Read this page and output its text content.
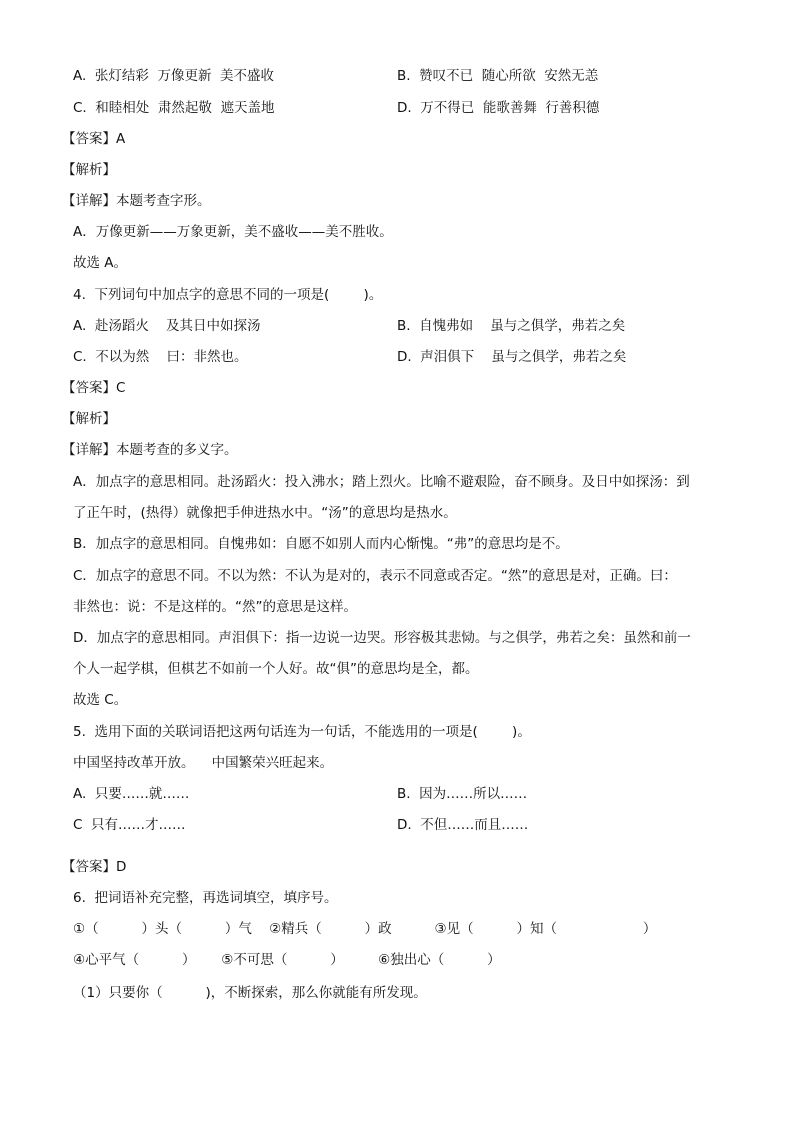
A.  张灯结彩  万像更新  美不盛收	B.  赞叹不已  随心所欲  安然无恙
C.  和睦相处  肃然起敬  遮天盖地	D.  万不得已  能歌善舞  行善积德
【答案】A
【解析】
【详解】本题考查字形。
A．万像更新——万象更新，美不盛收——美不胜收。
故选 A。
4.  下列词句中加点字的意思不同的一项是(        )。
A.  赴汤蹈火    及其日中如探汤	B.  自愧弗如    虽与之俱学，弗若之矣
C.  不以为然    曰：非然也。	D.  声泪俱下    虽与之俱学，弗若之矣
【答案】C
【解析】
【详解】本题考查的多义字。
A．加点字的意思相同。赴汤蹈火：投入沸水；踏上烈火。比喻不避艰险，奋不顾身。及日中如探汤：到
了正午时，(热得）就像把手伸进热水中。“汤”的意思均是热水。
B．加点字的意思相同。自愧弗如：自愿不如别人而内心惭愧。“弗”的意思均是不。
C．加点字的意思不同。不以为然：不认为是对的，表示不同意或否定。“然”的意思是对，正确。曰：
非然也：说：不是这样的。“然”的意思是这样。
D．加点字的意思相同。声泪俱下：指一边说一边哭。形容极其悲恸。与之俱学，弗若之矣：虽然和前一
个人一起学棋，但棋艺不如前一个人好。故“俱”的意思均是全，都。
故选 C。
5.  选用下面的关联词语把这两句话连为一句话，不能选用的一项是(        )。
中国坚持改革开放。    中国繁荣兴旺起来。
A.  只要……就……	B.  因为……所以……
C  只有……才……	D.  不但……而且……
【答案】D
6.  把词语补充完整，再选词填空，填序号。
①（          ）头（          ）气    ②精兵（          ）政          ③见（          ）知（                    ）
④心平气（          ）      ⑤不可思（          ）        ⑥独出心（          ）
（1）只要你（          )，不断探索，那么你就能有所发现。
